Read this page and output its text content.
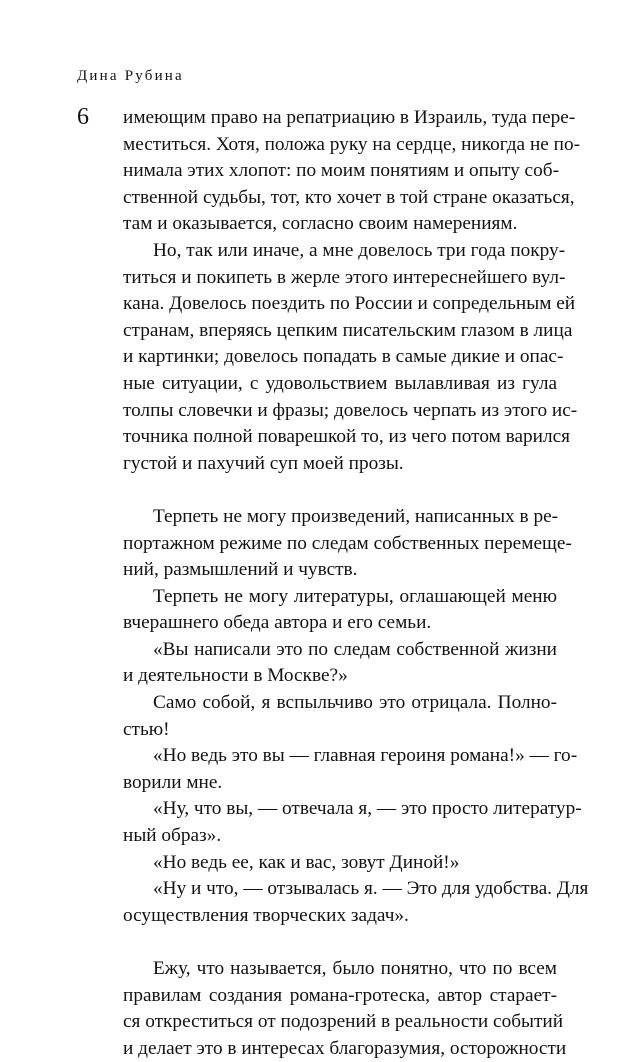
Дина Рубина
6 имеющим право на репатриацию в Израиль, туда пере-
меститься. Хотя, положа руку на сердце, никогда не по-
нимала этих хлопот: по моим понятиям и опыту соб-
ственной судьбы, тот, кто хочет в той стране оказаться,
там и оказывается, согласно своим намерениям.
Но, так или иначе, а мне довелось три года покру-
титься и покипеть в жерле этого интереснейшего вул-
кана. Довелось поездить по России и сопредельным ей
странам, вперяясь цепким писательским глазом в лица
и картинки; довелось попадать в самые дикие и опас-
ные ситуации, с удовольствием вылавливая из гула
толпы словечки и фразы; довелось черпать из этого ис-
точника полной поварешкой то, из чего потом варился
густой и пахучий суп моей прозы.
Терпеть не могу произведений, написанных в ре-
портажном режиме по следам собственных перемеще-
ний, размышлений и чувств.
Терпеть не могу литературы, оглашающей меню
вчерашнего обеда автора и его семьи.
«Вы написали это по следам собственной жизни
и деятельности в Москве?»
Само собой, я вспыльчиво это отрицала. Полно-
стью!
«Но ведь это вы — главная героиня романа!» — го-
ворили мне.
«Ну, что вы, — отвечала я, — это просто литератур-
ный образ».
«Но ведь ее, как и вас, зовут Диной!»
«Ну и что, — отзывалась я. — Это для удобства. Для
осуществления творческих задач».
Ежу, что называется, было понятно, что по всем
правилам создания романа-гротеска, автор старает-
ся откреститься от подозрений в реальности событий
и делает это в интересах благоразумия, осторожности
